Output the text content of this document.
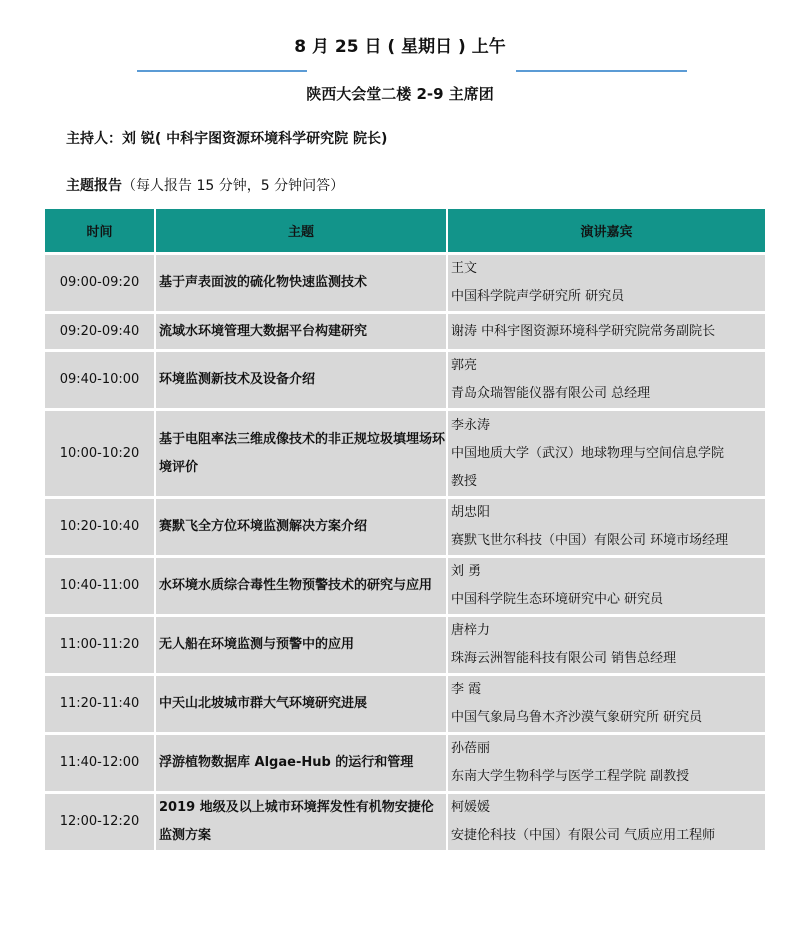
8 月 25 日 ( 星期日 ) 上午
陕西大会堂二楼 2-9 主席团
主持人：刘 锐( 中科宇图资源环境科学研究院 院长)
主题报告（每人报告 15 分钟，5 分钟问答）
时间	主题	演讲嘉宾
09:00-09:20	基于声表面波的硫化物快速监测技术	王文
中国科学院声学研究所 研究员

09:20-09:40	流域水环境管理大数据平台构建研究	谢涛 中科宇图资源环境科学研究院常务副院长

09:40-10:00	环境监测新技术及设备介绍	郭亮
青岛众瑞智能仪器有限公司 总经理

10:00-10:20	基于电阻率法三维成像技术的非正规垃圾填埋场环境评价	李永涛
中国地质大学（武汉）地球物理与空间信息学院
教授

10:20-10:40	赛默飞全方位环境监测解决方案介绍	胡忠阳
赛默飞世尔科技（中国）有限公司 环境市场经理

10:40-11:00	水环境水质综合毒性生物预警技术的研究与应用	刘 勇
中国科学院生态环境研究中心 研究员

11:00-11:20	无人船在环境监测与预警中的应用	唐梓力
珠海云洲智能科技有限公司 销售总经理

11:20-11:40	中天山北坡城市群大气环境研究进展	李 霞
中国气象局乌鲁木齐沙漠气象研究所 研究员

11:40-12:00	浮游植物数据库 Algae-Hub 的运行和管理	孙蓓丽
东南大学生物科学与医学工程学院 副教授

12:00-12:20	2019 地级及以上城市环境挥发性有机物安捷伦监测方案	柯媛媛
安捷伦科技（中国）有限公司 气质应用工程师
